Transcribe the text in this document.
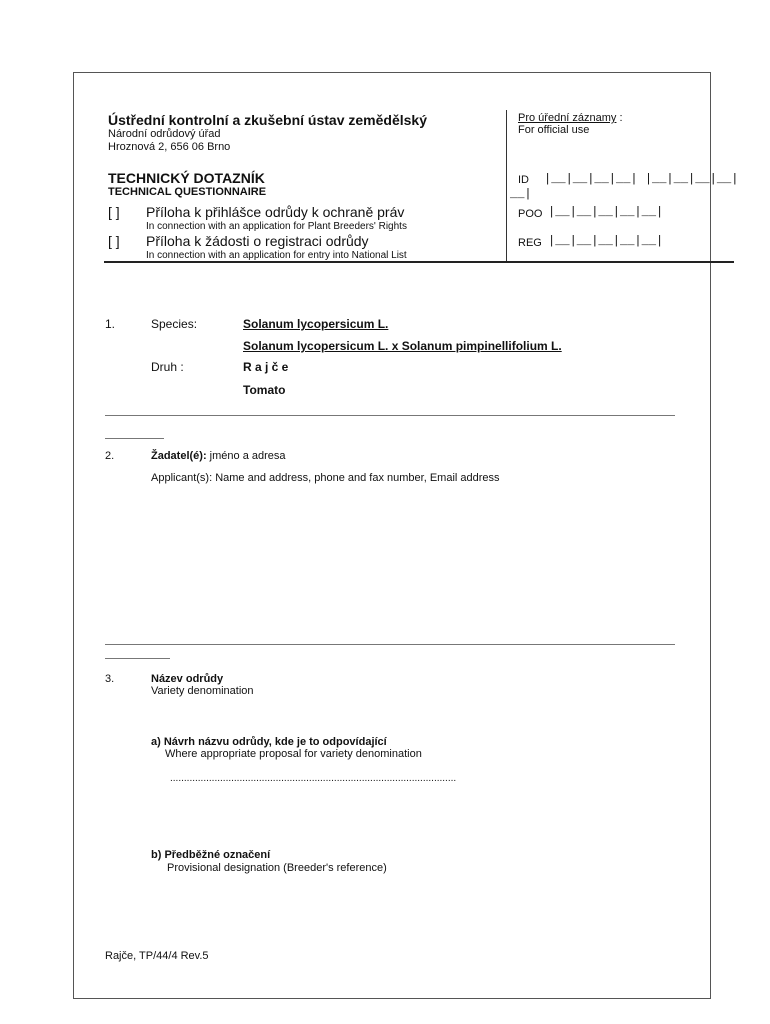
Ústřední kontrolní a zkušební ústav zemědělský
Národní odrůdový úřad
Hroznová 2, 656 06 Brno
TECHNICKÝ DOTAZNÍK
TECHNICAL QUESTIONNAIRE
[ ] Příloha k přihlášce odrůdy k ochraně práv
In connection with an application for Plant Breeders' Rights
[ ] Příloha k žádosti o registraci odrůdy
In connection with an application for entry into National List
Pro úřední záznamy :
For official use
ID |__|__|__|__| |__|__|__|__|
__|
POO |__|__|__|__|__|
REG |__|__|__|__|__|
1.	Species:	Solanum lycopersicum L.
Solanum lycopersicum L. x Solanum pimpinellifolium L.
Druh :	R a j č e
Tomato
2.	Žadatel(é): jméno a adresa
Applicant(s): Name and address, phone and fax number, Email address
3.	Název odrůdy
Variety denomination
a) Návrh názvu odrůdy, kde je to odpovídající
Where appropriate proposal for variety denomination
.......................................................................................................
b) Předběžné označení
Provisional designation (Breeder's reference)
Rajče, TP/44/4 Rev.5
